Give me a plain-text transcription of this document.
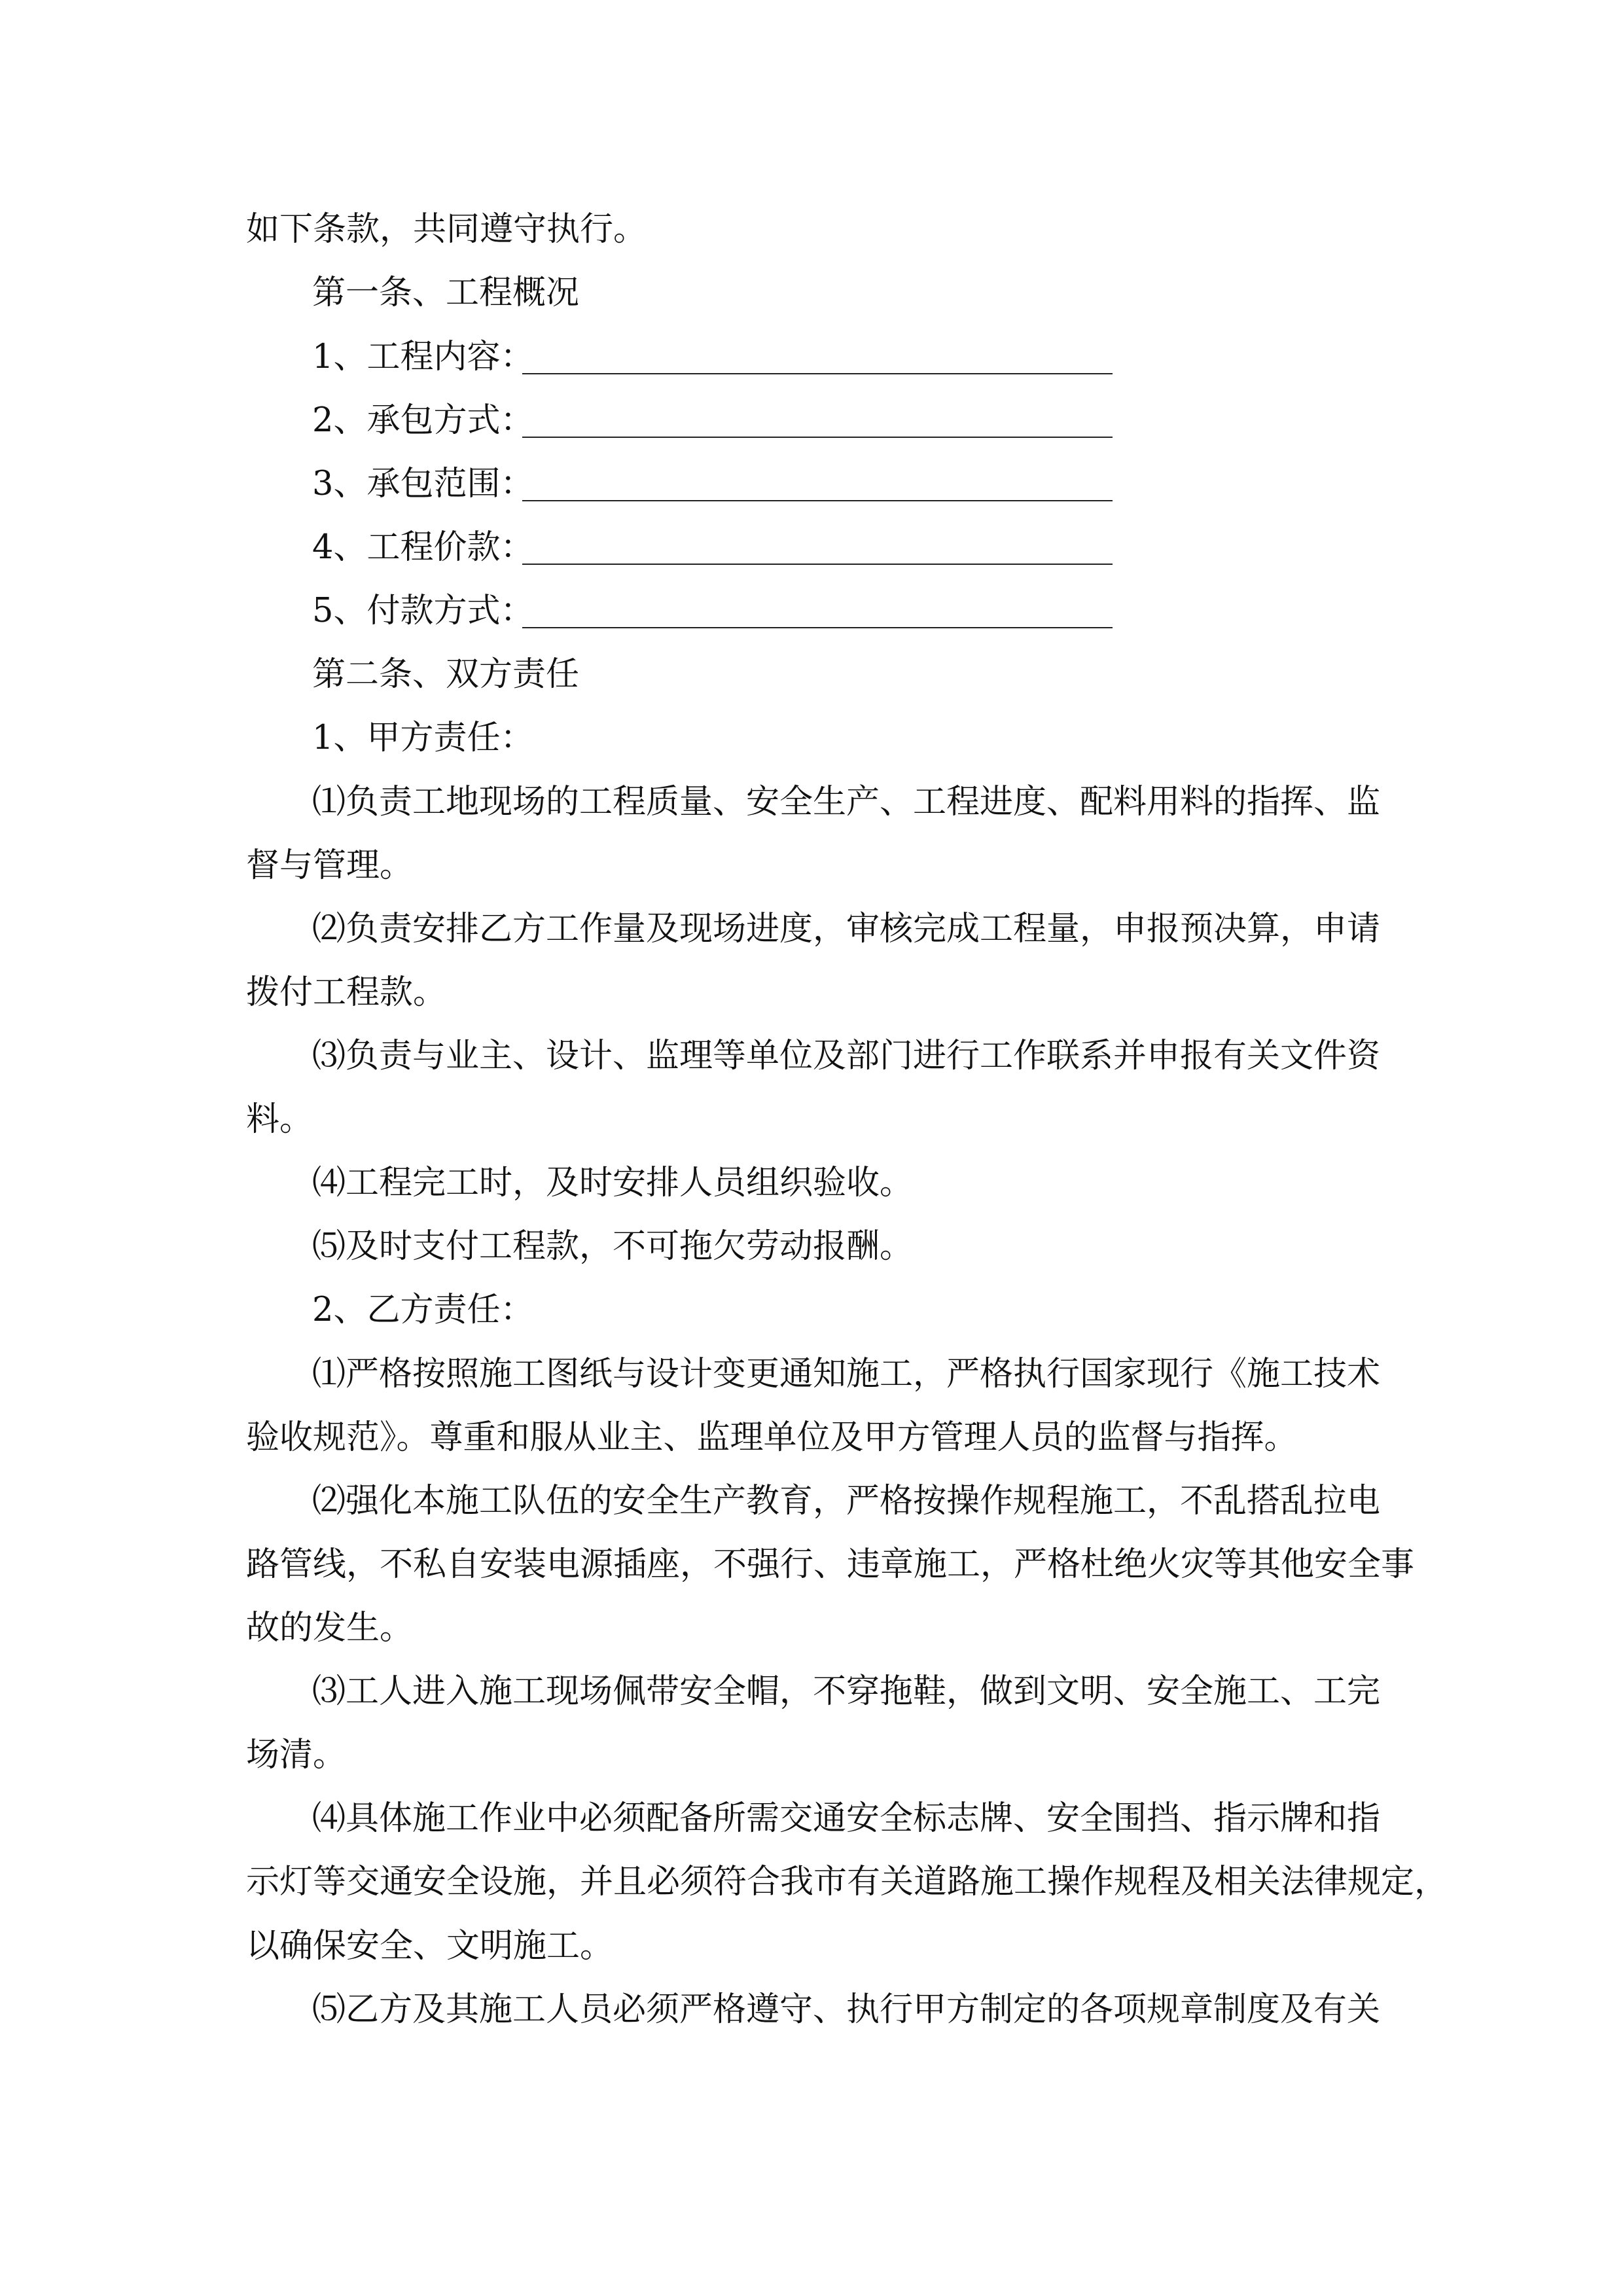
如下条款，共同遵守执行。
第一条、工程概况
1、工程内容：
2、承包方式：
3、承包范围：
4、工程价款：
5、付款方式：
第二条、双方责任
1、甲方责任：
⑴负责工地现场的工程质量、安全生产、工程进度、配料用料的指挥、监
督与管理。
⑵负责安排乙方工作量及现场进度，审核完成工程量，申报预决算，申请
拨付工程款。
⑶负责与业主、设计、监理等单位及部门进行工作联系并申报有关文件资
料。
⑷工程完工时，及时安排人员组织验收。
⑸及时支付工程款，不可拖欠劳动报酬。
2、乙方责任：
⑴严格按照施工图纸与设计变更通知施工，严格执行国家现行《施工技术
验收规范》。尊重和服从业主、监理单位及甲方管理人员的监督与指挥。
⑵强化本施工队伍的安全生产教育，严格按操作规程施工，不乱搭乱拉电
路管线，不私自安装电源插座，不强行、违章施工，严格杜绝火灾等其他安全事
故的发生。
⑶工人进入施工现场佩带安全帽，不穿拖鞋，做到文明、安全施工、工完
场清。
⑷具体施工作业中必须配备所需交通安全标志牌、安全围挡、指示牌和指
示灯等交通安全设施，并且必须符合我市有关道路施工操作规程及相关法律规定，
以确保安全、文明施工。
⑸乙方及其施工人员必须严格遵守、执行甲方制定的各项规章制度及有关
